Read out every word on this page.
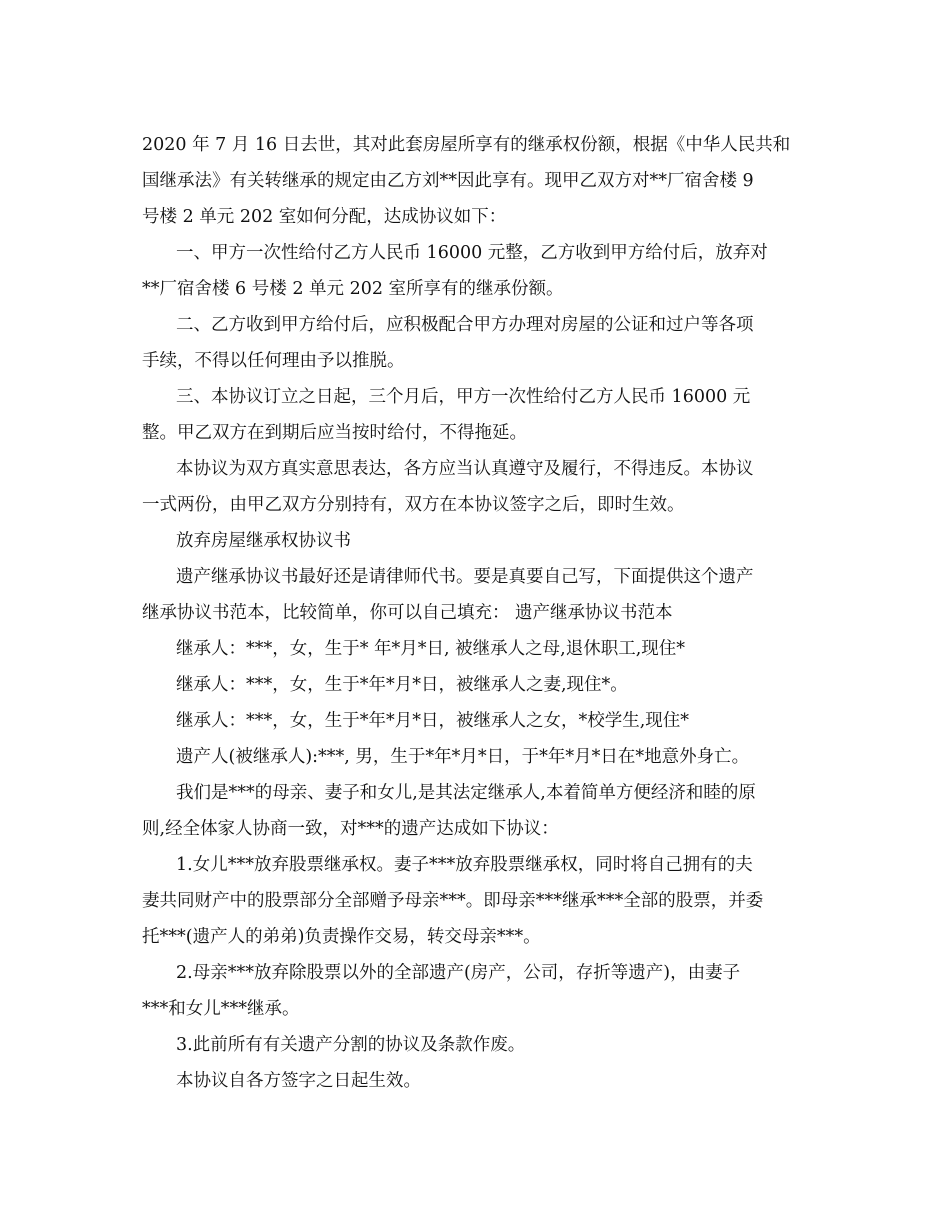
2020 年 7 月 16 日去世，其对此套房屋所享有的继承权份额，根据《中华人民共和
国继承法》有关转继承的规定由乙方刘**因此享有。现甲乙双方对**厂宿舍楼 9
号楼 2 单元 202 室如何分配，达成协议如下：
一、甲方一次性给付乙方人民币 16000 元整，乙方收到甲方给付后，放弃对
**厂宿舍楼 6 号楼 2 单元 202 室所享有的继承份额。
二、乙方收到甲方给付后，应积极配合甲方办理对房屋的公证和过户等各项
手续，不得以任何理由予以推脱。
三、本协议订立之日起，三个月后，甲方一次性给付乙方人民币 16000 元
整。甲乙双方在到期后应当按时给付，不得拖延。
本协议为双方真实意思表达，各方应当认真遵守及履行，不得违反。本协议
一式两份，由甲乙双方分别持有，双方在本协议签字之后，即时生效。
放弃房屋继承权协议书
遗产继承协议书最好还是请律师代书。要是真要自己写，下面提供这个遗产
继承协议书范本，比较简单，你可以自己填充： 遗产继承协议书范本
继承人：***，女，生于* 年*月*日, 被继承人之母,退休职工,现住*
继承人：***，女，生于*年*月*日，被继承人之妻,现住*。
继承人：***，女，生于*年*月*日，被继承人之女，*校学生,现住*
遗产人(被继承人):***, 男，生于*年*月*日，于*年*月*日在*地意外身亡。
我们是***的母亲、妻子和女儿,是其法定继承人,本着简单方便经济和睦的原
则,经全体家人协商一致，对***的遗产达成如下协议：
1.女儿***放弃股票继承权。妻子***放弃股票继承权，同时将自己拥有的夫
妻共同财产中的股票部分全部赠予母亲***。即母亲***继承***全部的股票，并委
托***(遗产人的弟弟)负责操作交易，转交母亲***。
2.母亲***放弃除股票以外的全部遗产(房产，公司，存折等遗产)，由妻子
***和女儿***继承。
3.此前所有有关遗产分割的协议及条款作废。
本协议自各方签字之日起生效。
